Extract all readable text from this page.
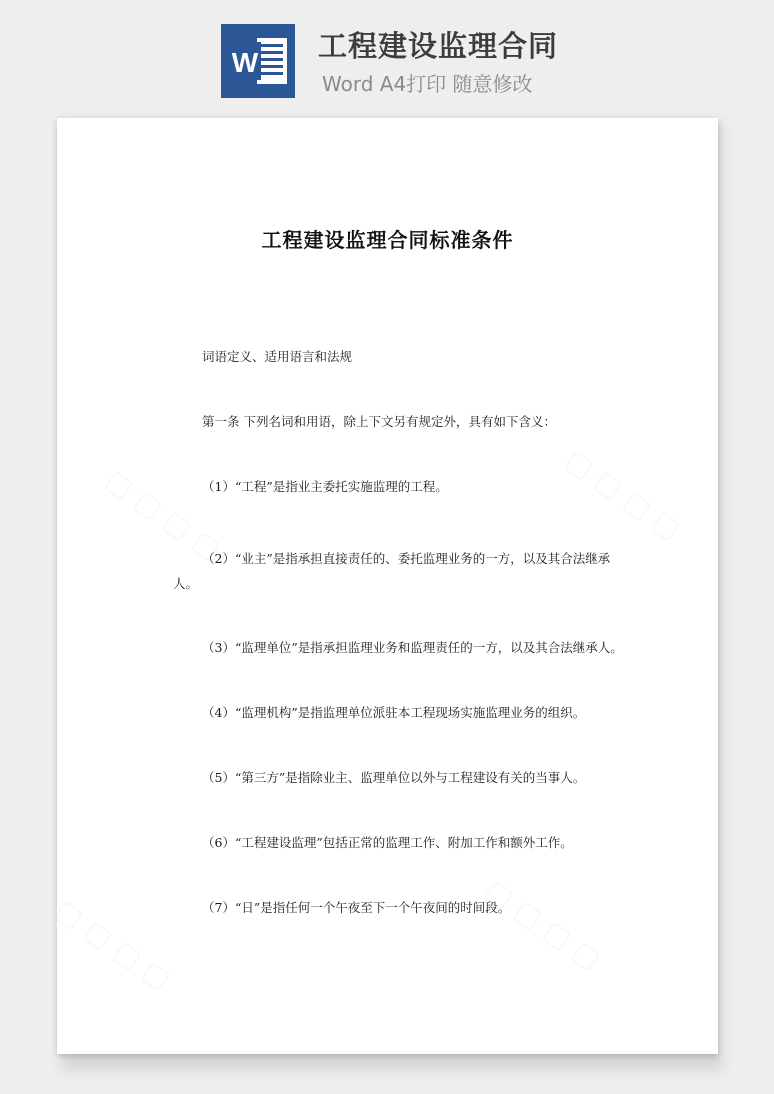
W 工程建设监理合同
Word A4打印 随意修改
工程建设监理合同标准条件
词语定义、适用语言和法规
第一条 下列名词和用语，除上下文另有规定外，具有如下含义：
（1）“工程”是指业主委托实施监理的工程。
（2）“业主”是指承担直接责任的、委托监理业务的一方，以及其合法继承
人。
（3）“监理单位”是指承担监理业务和监理责任的一方，以及其合法继承人。
（4）“监理机构”是指监理单位派驻本工程现场实施监理业务的组织。
（5）“第三方”是指除业主、监理单位以外与工程建设有关的当事人。
（6）“工程建设监理”包括正常的监理工作、附加工作和额外工作。
（7）“日”是指任何一个午夜至下一个午夜间的时间段。
